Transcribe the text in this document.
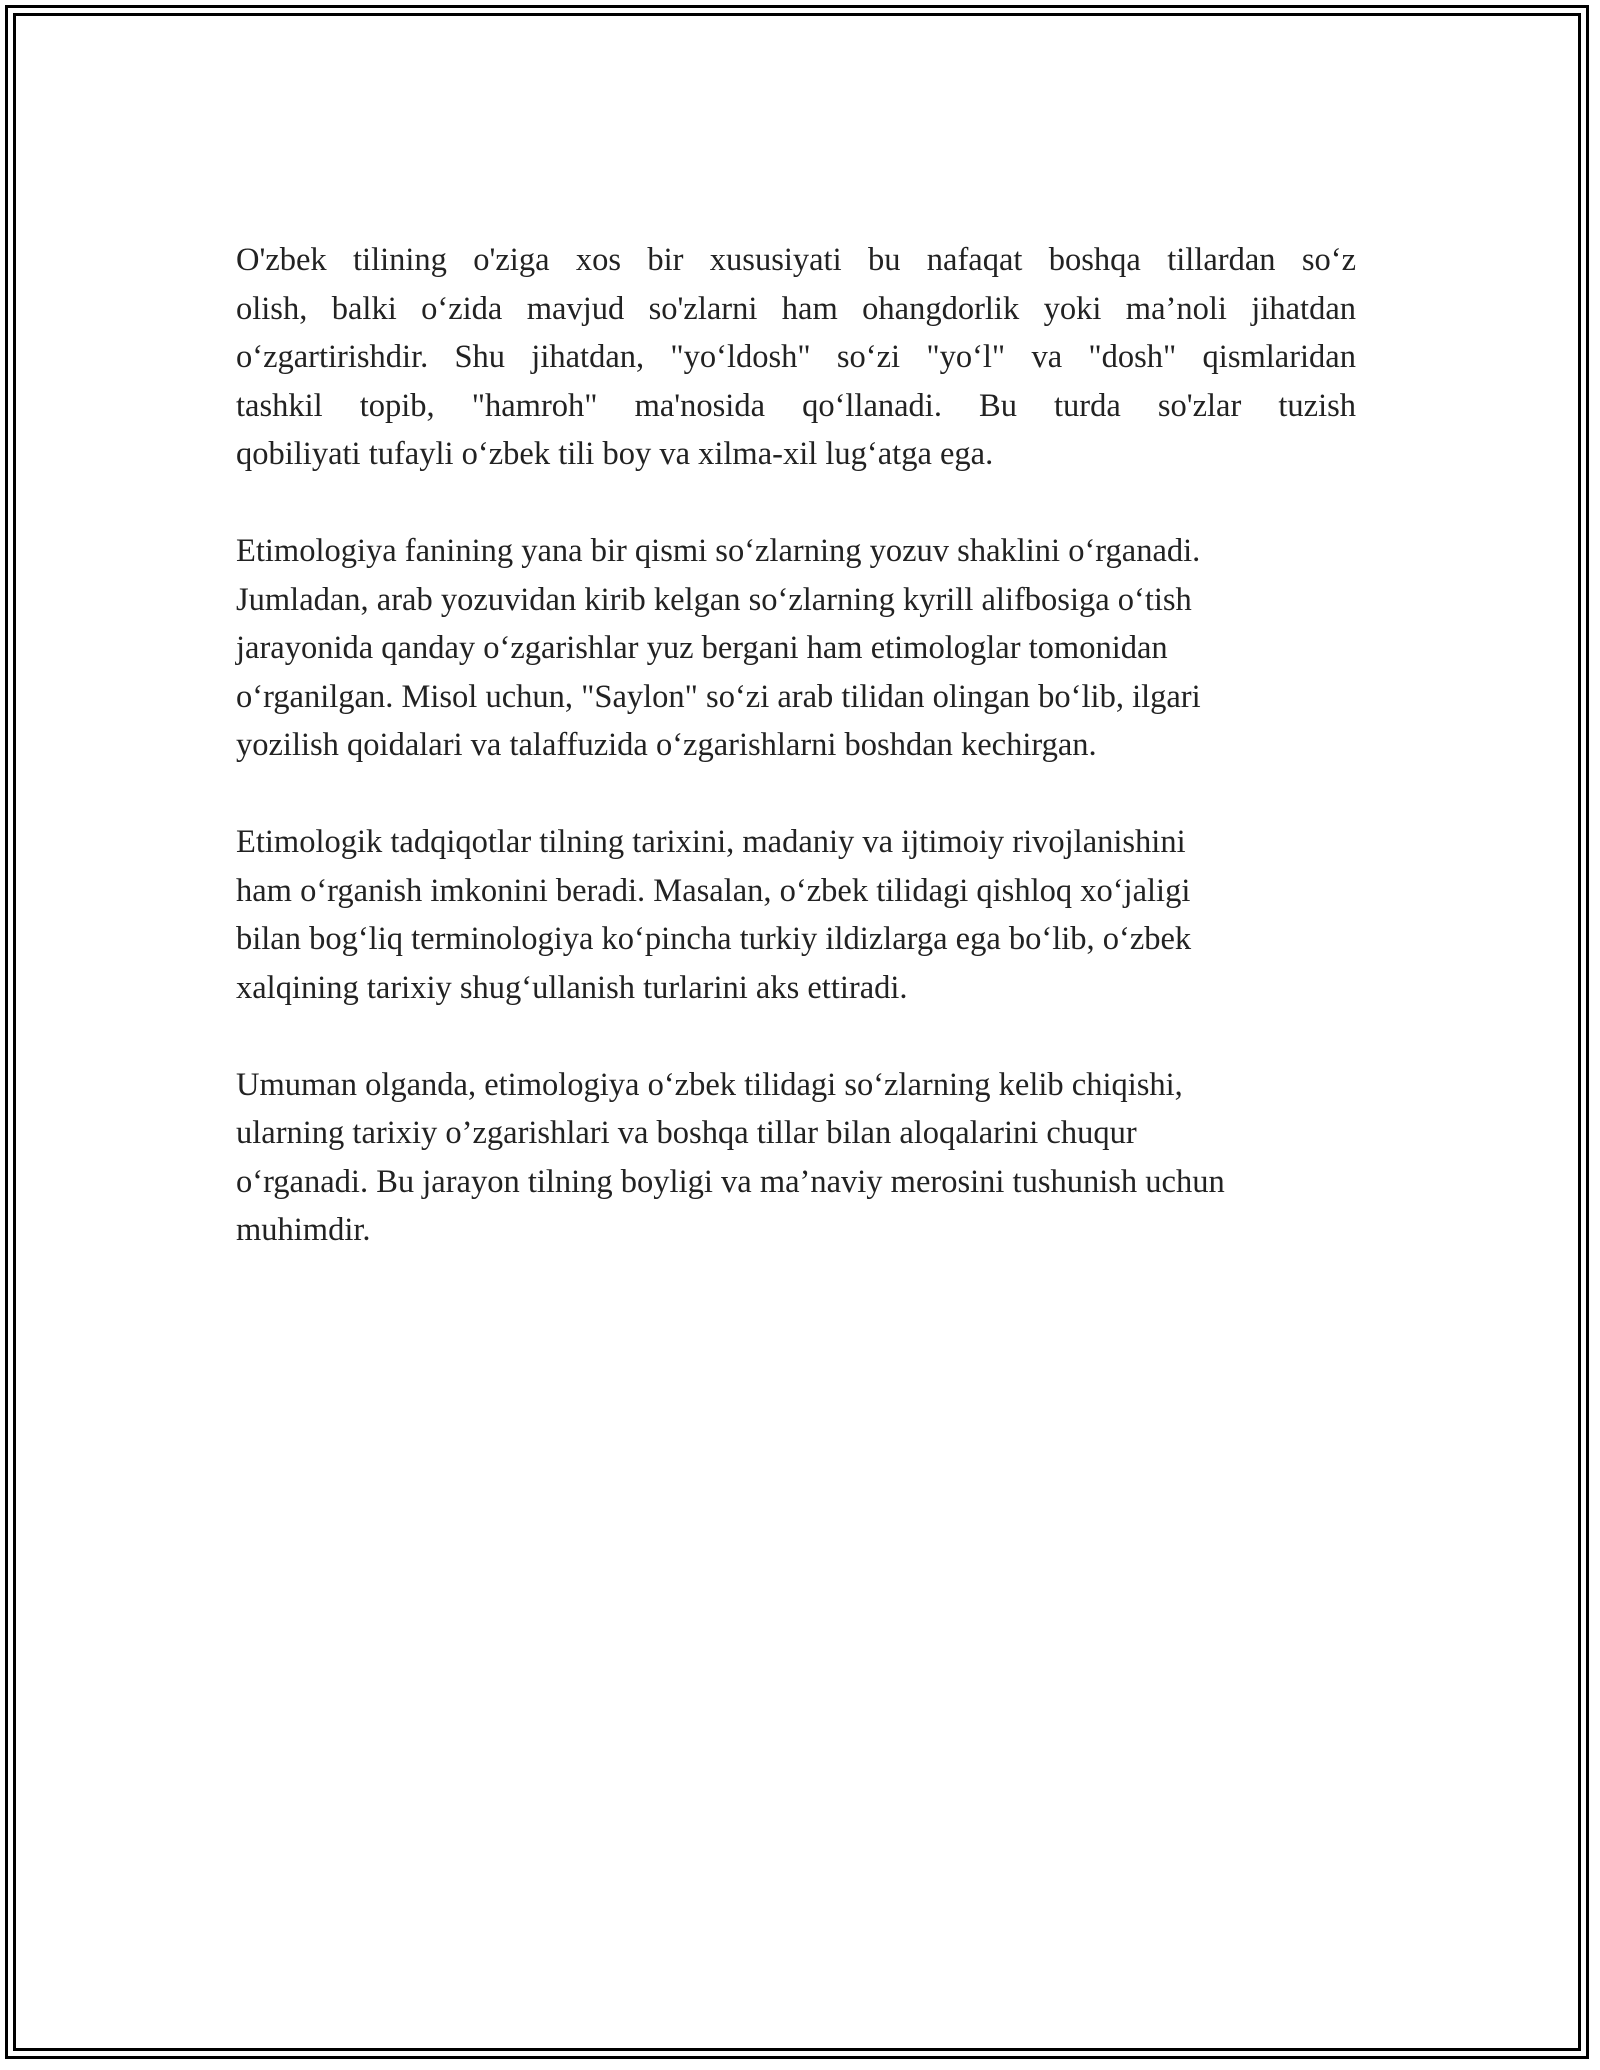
O'zbek tilining o'ziga xos bir xususiyati bu nafaqat boshqa tillardan so‘z
olish, balki o‘zida mavjud so'zlarni ham ohangdorlik yoki ma’noli jihatdan
o‘zgartirishdir. Shu jihatdan, "yo‘ldosh" so‘zi "yo‘l" va "dosh" qismlaridan
tashkil topib, "hamroh" ma'nosida qo‘llanadi. Bu turda so'zlar tuzish
qobiliyati tufayli o‘zbek tili boy va xilma-xil lug‘atga ega.

Etimologiya fanining yana bir qismi so‘zlarning yozuv shaklini o‘rganadi.
Jumladan, arab yozuvidan kirib kelgan so‘zlarning kyrill alifbosiga o‘tish
jarayonida qanday o‘zgarishlar yuz bergani ham etimologlar tomonidan
o‘rganilgan. Misol uchun, "Saylon" so‘zi arab tilidan olingan bo‘lib, ilgari
yozilish qoidalari va talaffuzida o‘zgarishlarni boshdan kechirgan.

Etimologik tadqiqotlar tilning tarixini, madaniy va ijtimoiy rivojlanishini
ham o‘rganish imkonini beradi. Masalan, o‘zbek tilidagi qishloq xo‘jaligi
bilan bog‘liq terminologiya ko‘pincha turkiy ildizlarga ega bo‘lib, o‘zbek
xalqining tarixiy shug‘ullanish turlarini aks ettiradi.

Umuman olganda, etimologiya o‘zbek tilidagi so‘zlarning kelib chiqishi,
ularning tarixiy o’zgarishlari va boshqa tillar bilan aloqalarini chuqur
o‘rganadi. Bu jarayon tilning boyligi va ma’naviy merosini tushunish uchun
muhimdir.
